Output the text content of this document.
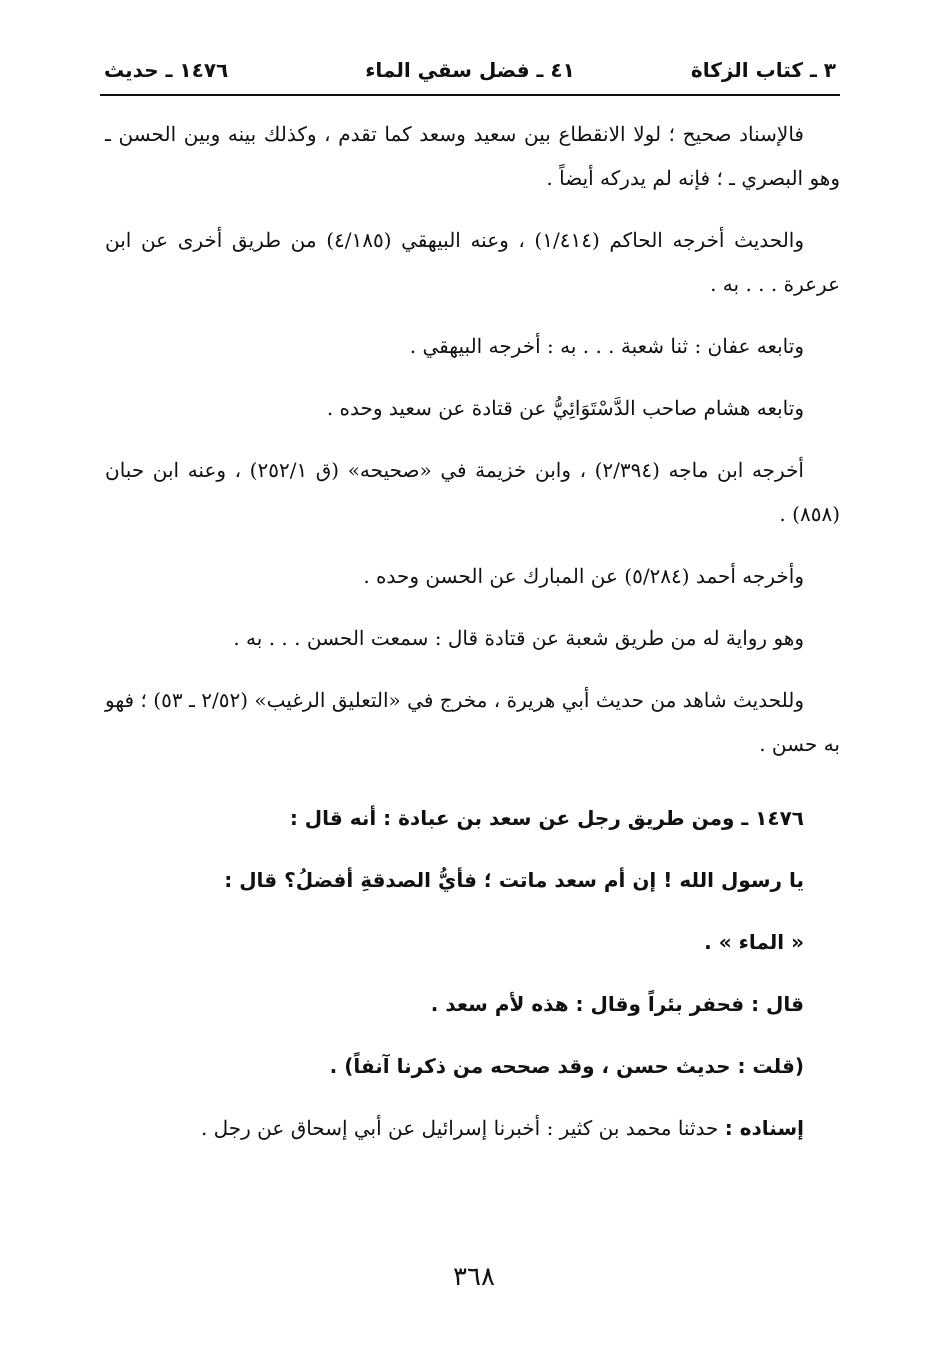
٣ ـ كتاب الزكاة
٤١ ـ فضل سقي الماء
١٤٧٦ ـ حديث

فالإسناد صحيح ؛ لولا الانقطاع بين سعيد وسعد كما تقدم ، وكذلك بينه وبين الحسن ـ وهو البصري ـ ؛ فإنه لم يدركه أيضاً .

والحديث أخرجه الحاكم (١/٤١٤) ، وعنه البيهقي (٤/١٨٥) من طريق أخرى عن ابن عرعرة . . . به .

وتابعه عفان : ثنا شعبة . . . به : أخرجه البيهقي .

وتابعه هشام صاحب الدَّسْتَوَائِيُّ عن قتادة عن سعيد وحده .

أخرجه ابن ماجه (٢/٣٩٤) ، وابن خزيمة في «صحيحه» (ق ٢٥٢/١) ، وعنه ابن حبان (٨٥٨) .

وأخرجه أحمد (٥/٢٨٤) عن المبارك عن الحسن وحده .

وهو رواية له من طريق شعبة عن قتادة قال : سمعت الحسن . . . به .

وللحديث شاهد من حديث أبي هريرة ، مخرج في «التعليق الرغيب» (٢/٥٢ ـ ٥٣) ؛ فهو به حسن .

١٤٧٦ ـ ومن طريق رجل عن سعد بن عبادة : أنه قال :

يا رسول الله ! إن أم سعد ماتت ؛ فأيُّ الصدقةِ أفضلُ؟ قال :

« الماء » .

قال : فحفر بئراً وقال : هذه لأم سعد .

(قلت : حديث حسن ، وقد صححه من ذكرنا آنفاً) .

إسناده : حدثنا محمد بن كثير : أخبرنا إسرائيل عن أبي إسحاق عن رجل .

٣٦٨
